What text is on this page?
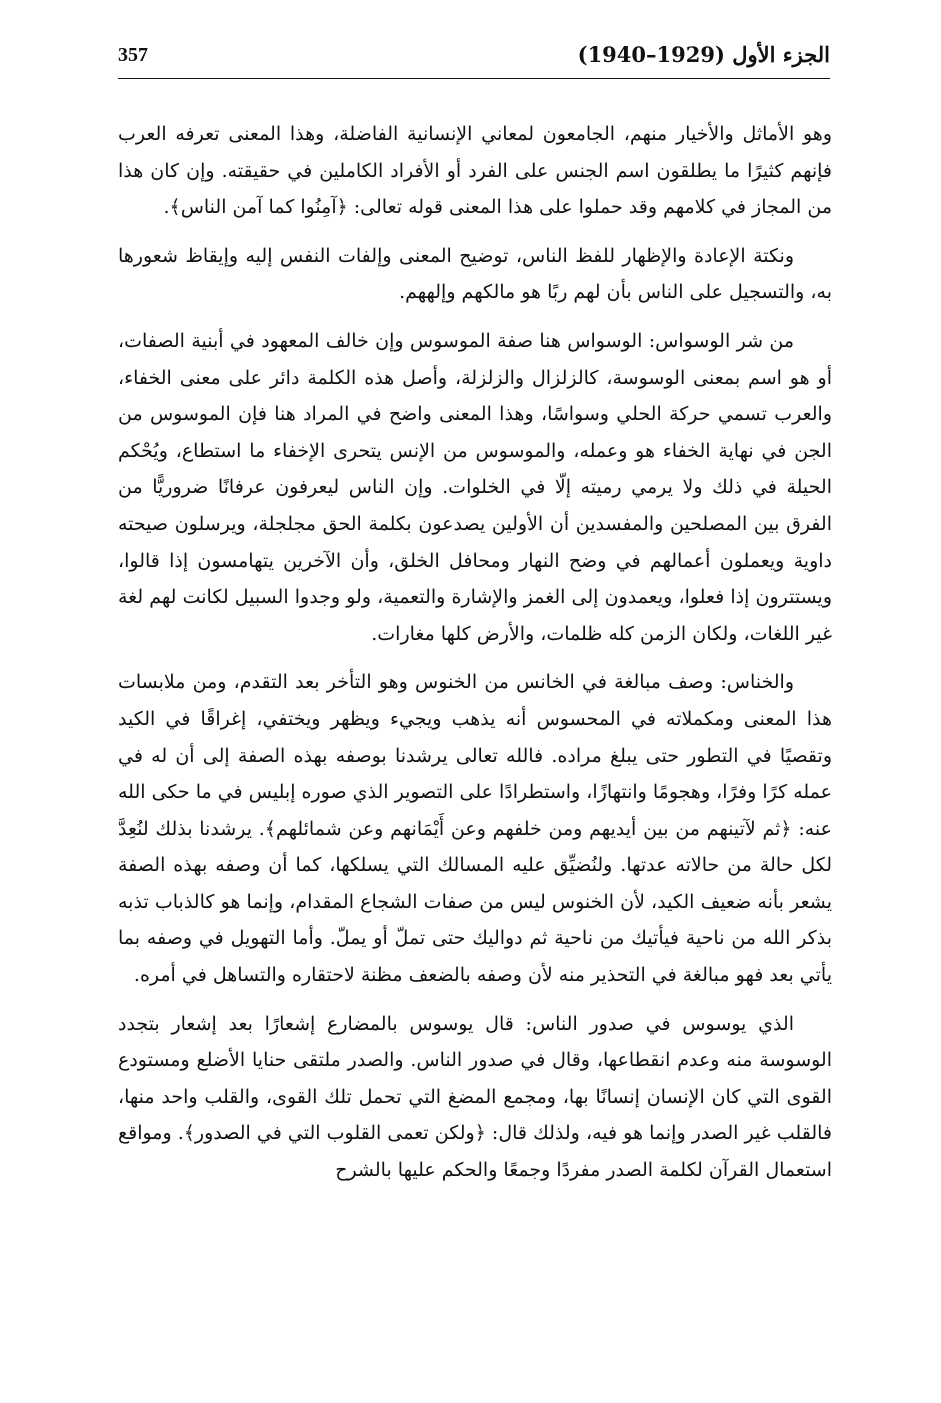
357	الجزء الأول (1929–1940)

وهو الأماثل والأخيار منهم، الجامعون لمعاني الإنسانية الفاضلة، وهذا المعنى تعرفه العرب فإنهم كثيرًا ما يطلقون اسم الجنس على الفرد أو الأفراد الكاملين في حقيقته. وإن كان هذا من المجاز في كلامهم وقد حملوا على هذا المعنى قوله تعالى: ﴿آمِنُوا كما آمن الناس﴾.

ونكتة الإعادة والإظهار للفظ الناس، توضيح المعنى وإلفات النفس إليه وإيقاظ شعورها به، والتسجيل على الناس بأن لهم ربًا هو مالكهم وإلههم.

من شر الوسواس: الوسواس هنا صفة الموسوس وإن خالف المعهود في أبنية الصفات، أو هو اسم بمعنى الوسوسة، كالزلزال والزلزلة، وأصل هذه الكلمة دائر على معنى الخفاء، والعرب تسمي حركة الحلي وسواسًا، وهذا المعنى واضح في المراد هنا فإن الموسوس من الجن في نهاية الخفاء هو وعمله، والموسوس من الإنس يتحرى الإخفاء ما استطاع، ويُحْكم الحيلة في ذلك ولا يرمي رميته إلّا في الخلوات. وإن الناس ليعرفون عرفانًا ضروريًّا من الفرق بين المصلحين والمفسدين أن الأولين يصدعون بكلمة الحق مجلجلة، ويرسلون صيحته داوية ويعملون أعمالهم في وضح النهار ومحافل الخلق، وأن الآخرين يتهامسون إذا قالوا، ويستترون إذا فعلوا، ويعمدون إلى الغمز والإشارة والتعمية، ولو وجدوا السبيل لكانت لهم لغة غير اللغات، ولكان الزمن كله ظلمات، والأرض كلها مغارات.

والخناس: وصف مبالغة في الخانس من الخنوس وهو التأخر بعد التقدم، ومن ملابسات هذا المعنى ومكملاته في المحسوس أنه يذهب ويجيء ويظهر ويختفي، إغراقًا في الكيد وتقصيًا في التطور حتى يبلغ مراده. فالله تعالى يرشدنا بوصفه بهذه الصفة إلى أن له في عمله كرًا وفرًا، وهجومًا وانتهازًا، واستطرادًا على التصوير الذي صوره إبليس في ما حكى الله عنه: ﴿ثم لآتينهم من بين أيديهم ومن خلفهم وعن أَيْمَانهم وعن شمائلهم﴾. يرشدنا بذلك لنُعِدَّ لكل حالة من حالاته عدتها. ولنُضيِّق عليه المسالك التي يسلكها، كما أن وصفه بهذه الصفة يشعر بأنه ضعيف الكيد، لأن الخنوس ليس من صفات الشجاع المقدام، وإنما هو كالذباب تذبه بذكر الله من ناحية فيأتيك من ناحية ثم دواليك حتى تملّ أو يملّ. وأما التهويل في وصفه بما يأتي بعد فهو مبالغة في التحذير منه لأن وصفه بالضعف مظنة لاحتقاره والتساهل في أمره.

الذي يوسوس في صدور الناس: قال يوسوس بالمضارع إشعارًا بعد إشعار بتجدد الوسوسة منه وعدم انقطاعها، وقال في صدور الناس. والصدر ملتقى حنايا الأضلع ومستودع القوى التي كان الإنسان إنسانًا بها، ومجمع المضغ التي تحمل تلك القوى، والقلب واحد منها، فالقلب غير الصدر وإنما هو فيه، ولذلك قال: ﴿ولكن تعمى القلوب التي في الصدور﴾. ومواقع استعمال القرآن لكلمة الصدر مفردًا وجمعًا والحكم عليها بالشرح
